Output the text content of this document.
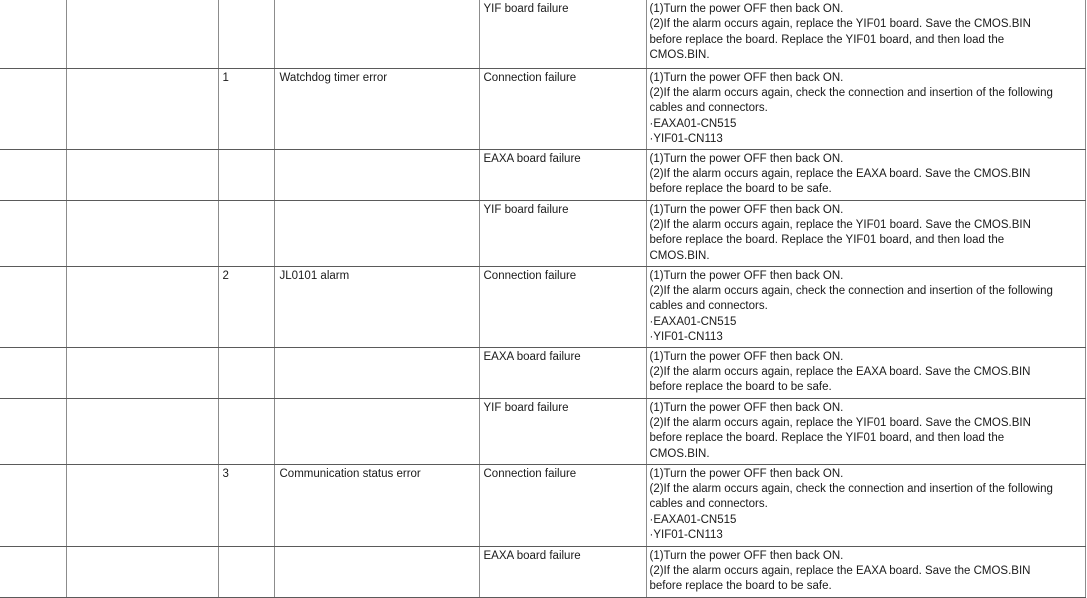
				YIF board failure	(1)Turn the power OFF then back ON.
(2)If the alarm occurs again, replace the YIF01 board. Save the CMOS.BIN
before replace the board. Replace the YIF01 board, and then load the
CMOS.BIN.

		1	Watchdog timer error	Connection failure	(1)Turn the power OFF then back ON.
(2)If the alarm occurs again, check the connection and insertion of the following
cables and connectors.
·EAXA01-CN515
·YIF01-CN113

				EAXA board failure	(1)Turn the power OFF then back ON.
(2)If the alarm occurs again, replace the EAXA board. Save the CMOS.BIN
before replace the board to be safe.

				YIF board failure	(1)Turn the power OFF then back ON.
(2)If the alarm occurs again, replace the YIF01 board. Save the CMOS.BIN
before replace the board. Replace the YIF01 board, and then load the
CMOS.BIN.

		2	JL0101 alarm	Connection failure	(1)Turn the power OFF then back ON.
(2)If the alarm occurs again, check the connection and insertion of the following
cables and connectors.
·EAXA01-CN515
·YIF01-CN113

				EAXA board failure	(1)Turn the power OFF then back ON.
(2)If the alarm occurs again, replace the EAXA board. Save the CMOS.BIN
before replace the board to be safe.

				YIF board failure	(1)Turn the power OFF then back ON.
(2)If the alarm occurs again, replace the YIF01 board. Save the CMOS.BIN
before replace the board. Replace the YIF01 board, and then load the
CMOS.BIN.

		3	Communication status error	Connection failure	(1)Turn the power OFF then back ON.
(2)If the alarm occurs again, check the connection and insertion of the following
cables and connectors.
·EAXA01-CN515
·YIF01-CN113

				EAXA board failure	(1)Turn the power OFF then back ON.
(2)If the alarm occurs again, replace the EAXA board. Save the CMOS.BIN
before replace the board to be safe.
